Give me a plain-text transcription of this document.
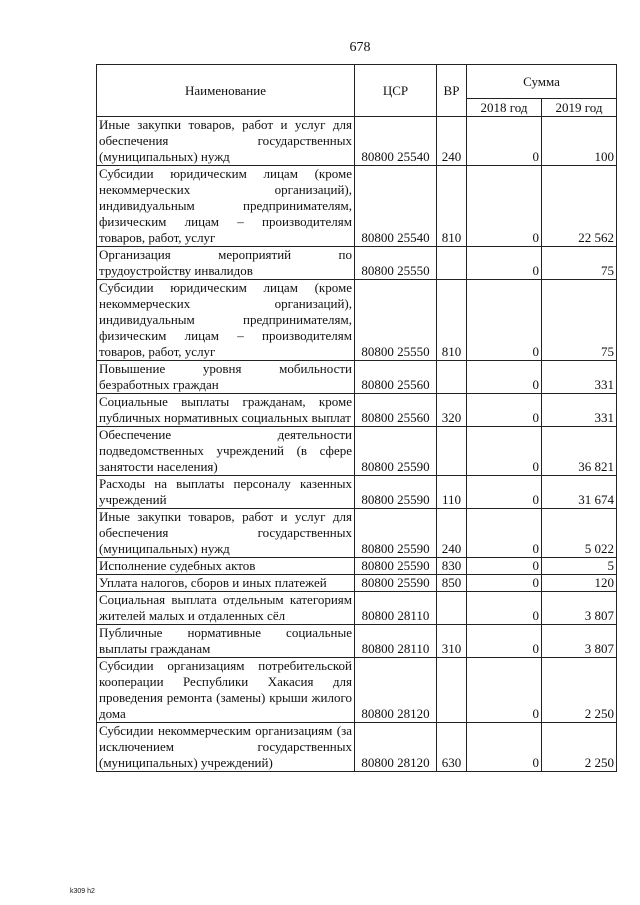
678
Наименование	ЦСР	ВР	Сумма	
			2018 год	2019 год
Иные закупки товаров, работ и услуг для обеспечения государственных (муниципальных) нужд	80800 25540	240	0	100
Субсидии юридическим лицам (кроме некоммерческих организаций), индивидуальным предпринимателям, физическим лицам – производителям товаров, работ, услуг	80800 25540	810	0	22 562
Организация мероприятий по трудоустройству инвалидов	80800 25550		0	75
Субсидии юридическим лицам (кроме некоммерческих организаций), индивидуальным предпринимателям, физическим лицам – производителям товаров, работ, услуг	80800 25550	810	0	75
Повышение уровня мобильности безработных граждан	80800 25560		0	331
Социальные выплаты гражданам, кроме публичных нормативных социальных выплат	80800 25560	320	0	331
Обеспечение деятельности подведомственных учреждений (в сфере занятости населения)	80800 25590		0	36 821
Расходы на выплаты персоналу казенных учреждений	80800 25590	110	0	31 674
Иные закупки товаров, работ и услуг для обеспечения государственных (муниципальных) нужд	80800 25590	240	0	5 022
Исполнение судебных актов	80800 25590	830	0	5
Уплата налогов, сборов и иных платежей	80800 25590	850	0	120
Социальная выплата отдельным категориям жителей малых и отдаленных сёл	80800 28110		0	3 807
Публичные нормативные социальные выплаты гражданам	80800 28110	310	0	3 807
Субсидии организациям потребительской кооперации Республики Хакасия для проведения ремонта (замены) крыши жилого дома	80800 28120		0	2 250
Субсидии некоммерческим организациям (за исключением государственных (муниципальных) учреждений)	80800 28120	630	0	2 250
k309 h2
